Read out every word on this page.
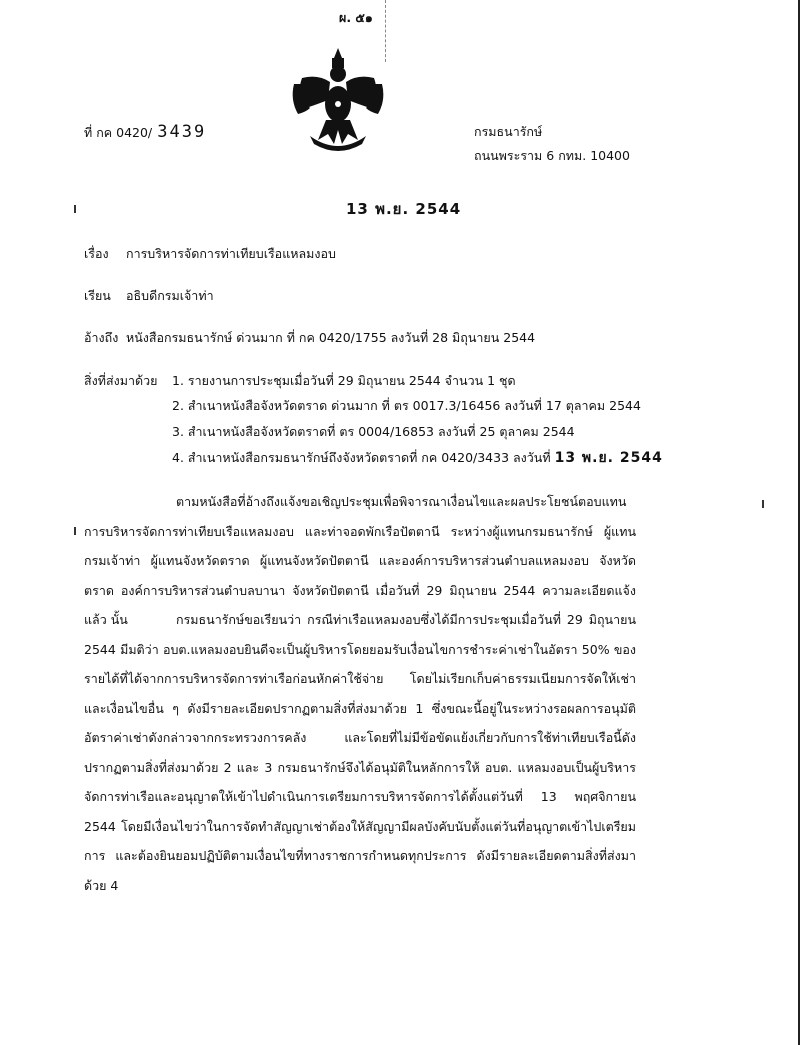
ผ. ๕๑
ที่ กค 0420/ 3439	กรมธนารักษ์
ถนนพระราม 6 กทม. 10400
13 พ.ย. 2544
เรื่อง การบริหารจัดการท่าเทียบเรือแหลมงอบ
เรียน อธิบดีกรมเจ้าท่า
อ้างถึง หนังสือกรมธนารักษ์ ด่วนมาก ที่ กค 0420/1755 ลงวันที่ 28 มิถุนายน 2544
สิ่งที่ส่งมาด้วย 1. รายงานการประชุมเมื่อวันที่ 29 มิถุนายน 2544 จำนวน 1 ชุด
2. สำเนาหนังสือจังหวัดตราด ด่วนมาก ที่ ตร 0017.3/16456 ลงวันที่ 17 ตุลาคม 2544
3. สำเนาหนังสือจังหวัดตราดที่ ตร 0004/16853 ลงวันที่ 25 ตุลาคม 2544
4. สำเนาหนังสือกรมธนารักษ์ถึงจังหวัดตราดที่ กค 0420/3433 ลงวันที่ 13 พ.ย. 2544
ตามหนังสือที่อ้างถึงแจ้งขอเชิญประชุมเพื่อพิจารณาเงื่อนไขและผลประโยชน์ตอบแทนการบริหารจัดการท่าเทียบเรือแหลมงอบ และท่าจอดพักเรือปัตตานี ระหว่างผู้แทนกรมธนารักษ์ ผู้แทนกรมเจ้าท่า ผู้แทนจังหวัดตราด ผู้แทนจังหวัดปัตตานี และองค์การบริหารส่วนตำบลแหลมงอบ จังหวัดตราด องค์การบริหารส่วนตำบลบานา จังหวัดปัตตานี เมื่อวันที่ 29 มิถุนายน 2544 ความละเอียดแจ้งแล้ว นั้น	กรมธนารักษ์ขอเรียนว่า กรณีท่าเรือแหลมงอบซึ่งได้มีการประชุมเมื่อวันที่ 29 มิถุนายน 2544 มีมติว่า อบต.แหลมงอบยินดีจะเป็นผู้บริหารโดยยอมรับเงื่อนไขการชำระค่าเช่าในอัตรา 50% ของรายได้ที่ได้จากการบริหารจัดการท่าเรือก่อนหักค่าใช้จ่าย โดยไม่เรียกเก็บค่าธรรมเนียมการจัดให้เช่าและเงื่อนไขอื่น ๆ ดังมีรายละเอียดปรากฏตามสิ่งที่ส่งมาด้วย 1 ซึ่งขณะนี้อยู่ในระหว่างรอผลการอนุมัติอัตราค่าเช่าดังกล่าวจากกระทรวงการคลัง และโดยที่ไม่มีข้อขัดแย้งเกี่ยวกับการใช้ท่าเทียบเรือนี้ดังปรากฏตามสิ่งที่ส่งมาด้วย 2 และ 3 กรมธนารักษ์จึงได้อนุมัติในหลักการให้ อบต. แหลมงอบเป็นผู้บริหารจัดการท่าเรือและอนุญาตให้เข้าไปดำเนินการเตรียมการบริหารจัดการได้ตั้งแต่วันที่ 13 พฤศจิกายน 2544 โดยมีเงื่อนไขว่าในการจัดทำสัญญาเช่าต้องให้สัญญามีผลบังคับนับตั้งแต่วันที่อนุญาตเข้าไปเตรียมการ และต้องยินยอมปฏิบัติตามเงื่อนไขที่ทางราชการกำหนดทุกประการ ดังมีรายละเอียดตามสิ่งที่ส่งมาด้วย 4
